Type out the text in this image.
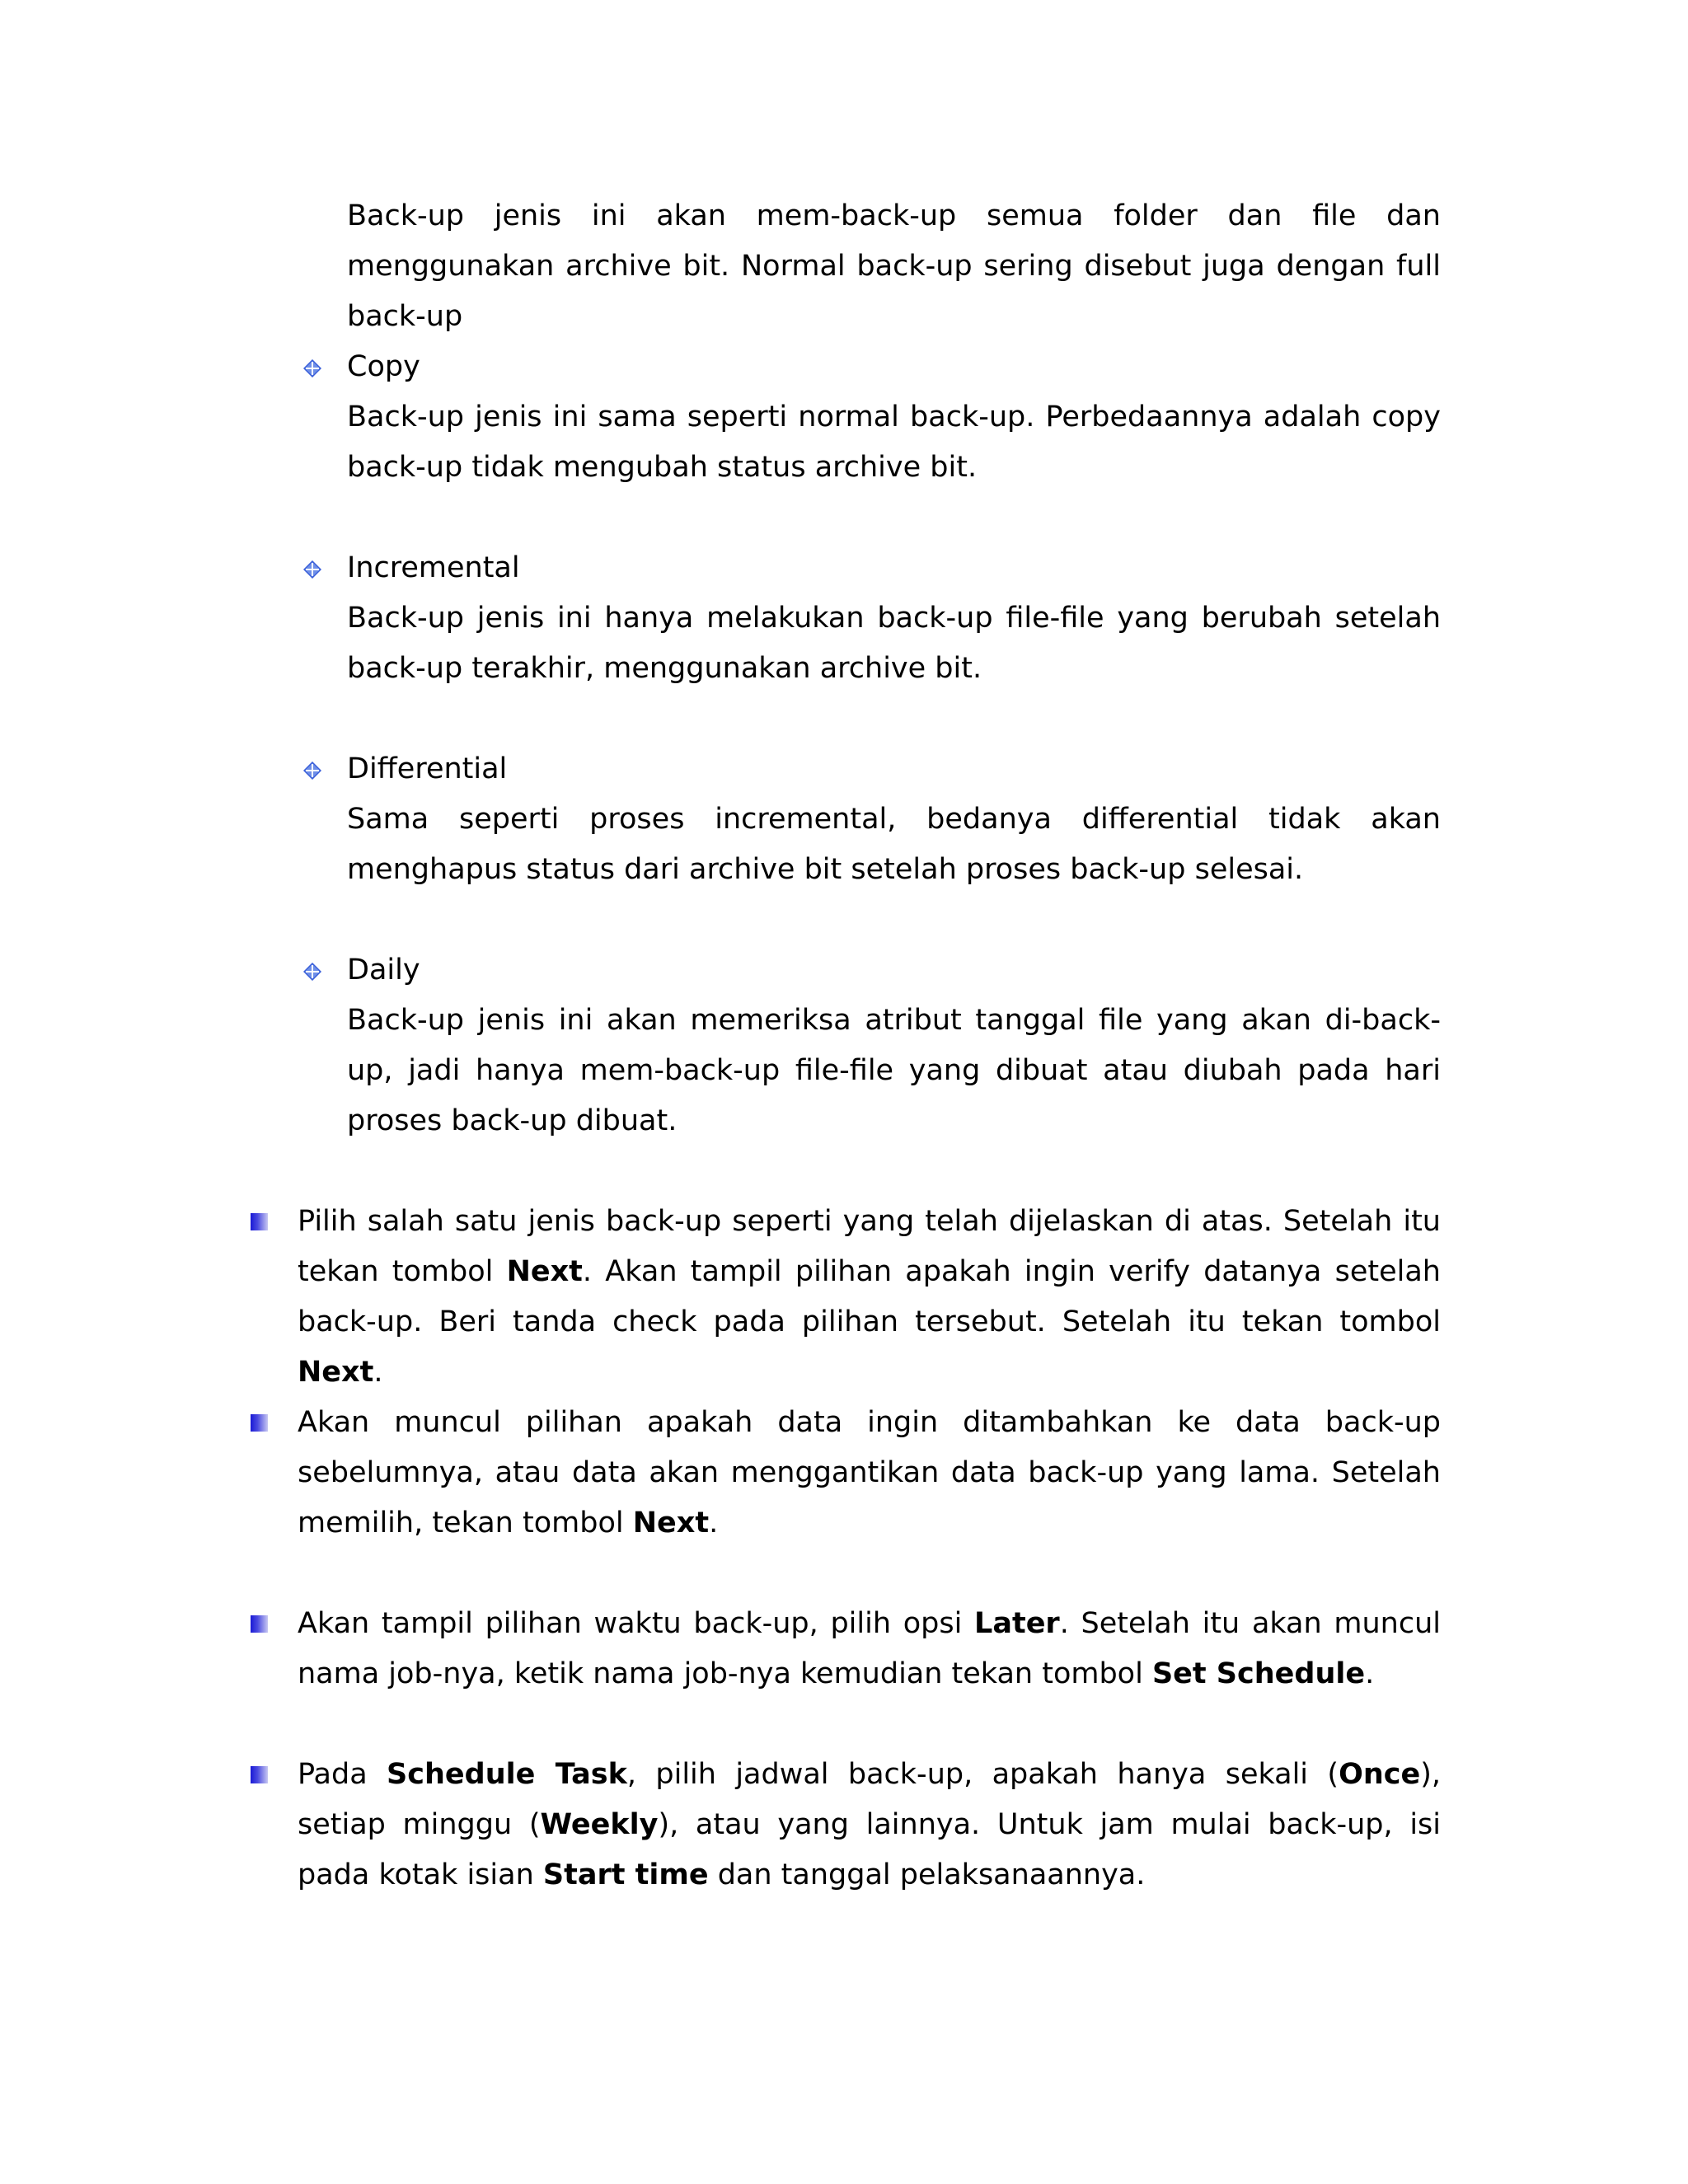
Back-up jenis ini akan mem-back-up semua folder dan file dan menggunakan archive bit. Normal back-up sering disebut juga dengan full back-up

Copy
Back-up jenis ini sama seperti normal back-up. Perbedaannya adalah copy back-up tidak mengubah status archive bit.
Incremental
Back-up jenis ini hanya melakukan back-up file-file yang berubah setelah back-up terakhir, menggunakan archive bit.
Differential
Sama seperti proses incremental, bedanya differential tidak akan menghapus status dari archive bit setelah proses back-up selesai.
Daily
Back-up jenis ini akan memeriksa atribut tanggal file yang akan di-back-up, jadi hanya mem-back-up file-file yang dibuat atau diubah pada hari proses back-up dibuat.
Pilih salah satu jenis back-up seperti yang telah dijelaskan di atas. Setelah itu tekan tombol Next. Akan tampil pilihan apakah ingin verify datanya setelah back-up. Beri tanda check pada pilihan tersebut. Setelah itu tekan tombol Next.
Akan muncul pilihan apakah data ingin ditambahkan ke data back-up sebelumnya, atau data akan menggantikan data back-up yang lama. Setelah memilih, tekan tombol Next.
Akan tampil pilihan waktu back-up, pilih opsi Later. Setelah itu akan muncul nama job-nya, ketik nama job-nya kemudian tekan tombol Set Schedule.
Pada Schedule Task, pilih jadwal back-up, apakah hanya sekali (Once), setiap minggu (Weekly), atau yang lainnya. Untuk jam mulai back-up, isi pada kotak isian Start time dan tanggal pelaksanaannya.
